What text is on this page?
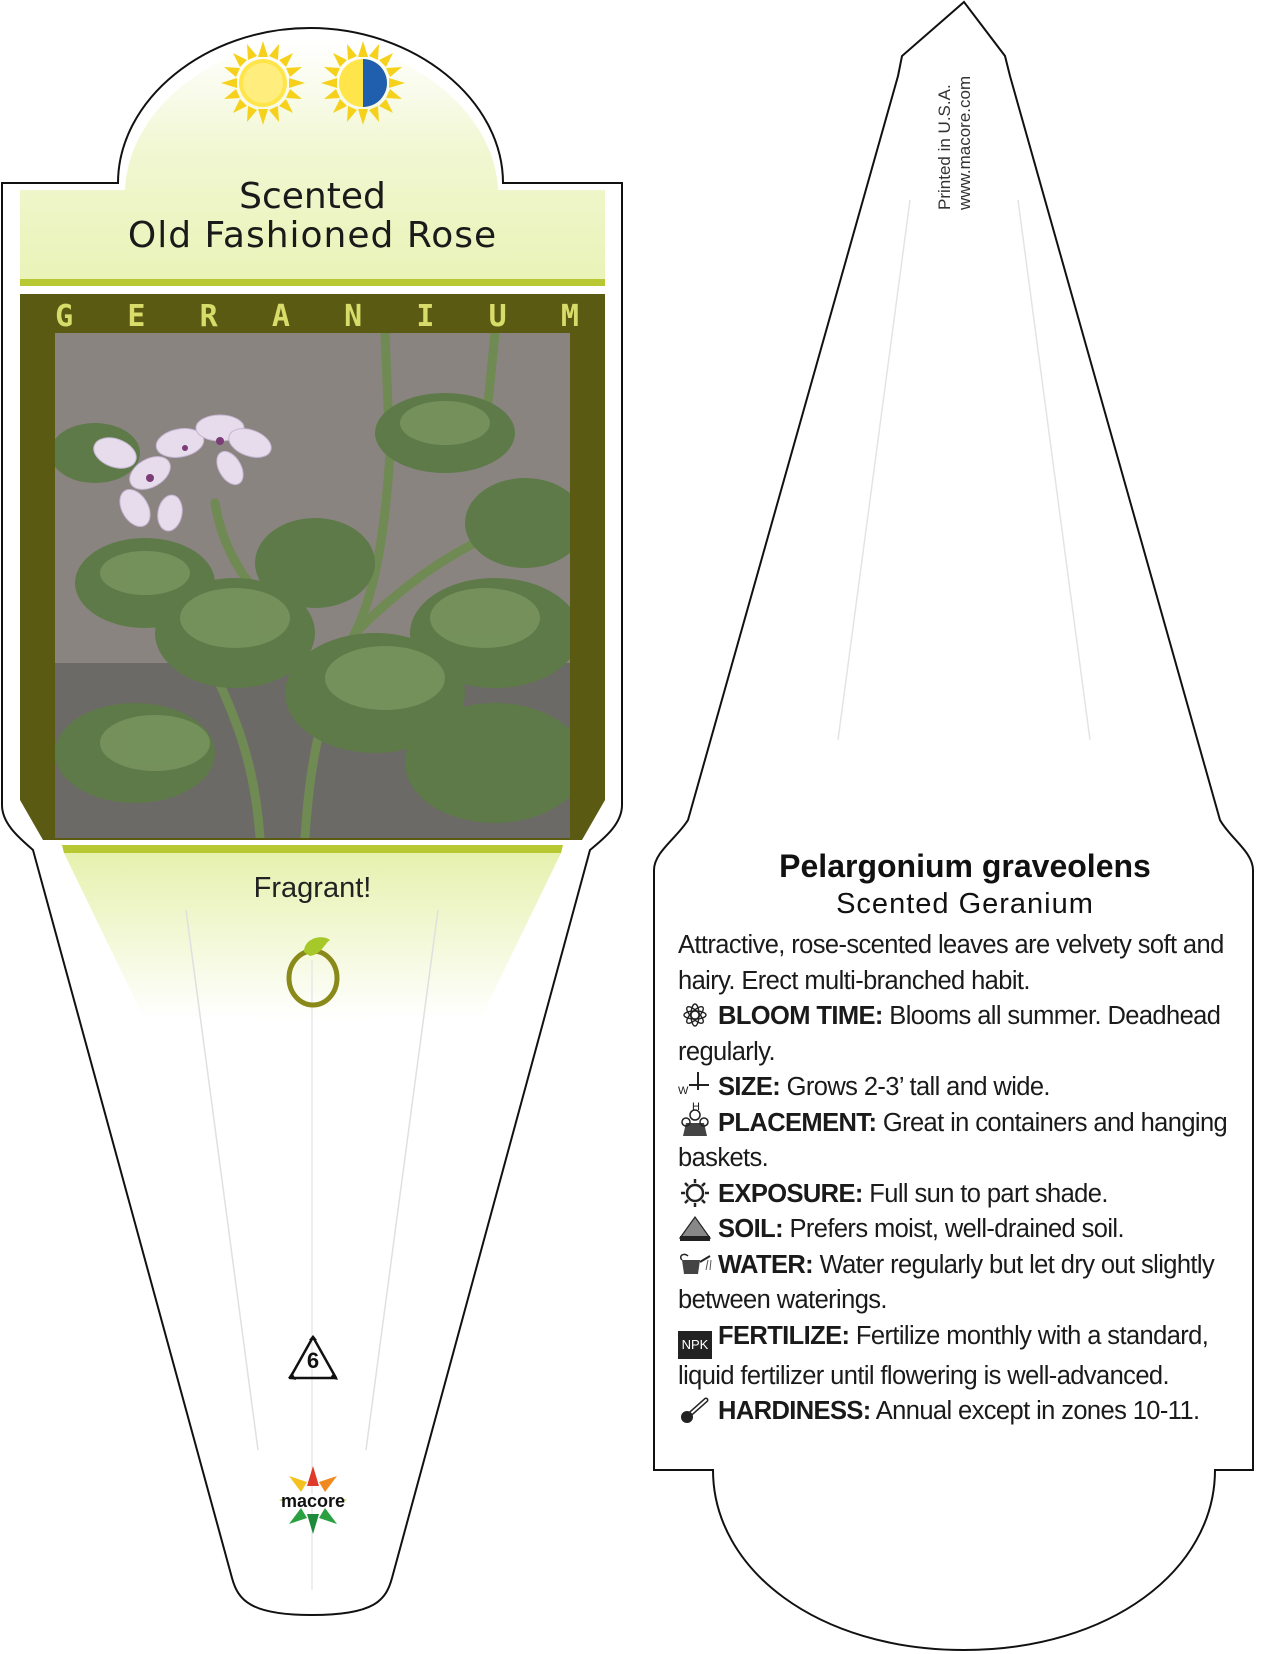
Scented
Old Fashioned Rose
G E R A N I U M
Fragrant!
6
macore
Printed in U.S.A. www.macore.com
Pelargonium graveolens
Scented Geranium

Attractive, rose-scented leaves are velvety soft and hairy. Erect multi-branched habit.

BLOOM TIME: Blooms all summer. Deadhead regularly.

W
H
SIZE: Grows 2-3’ tall and wide.

PLACEMENT: Great in containers and hanging baskets.

EXPOSURE: Full sun to part shade.

SOIL: Prefers moist, well-drained soil.

WATER: Water regularly but let dry out slightly between waterings.

NPK FERTILIZE: Fertilize monthly with a standard, liquid fertilizer until flowering is well-advanced.

HARDINESS: Annual except in zones 10-11.
